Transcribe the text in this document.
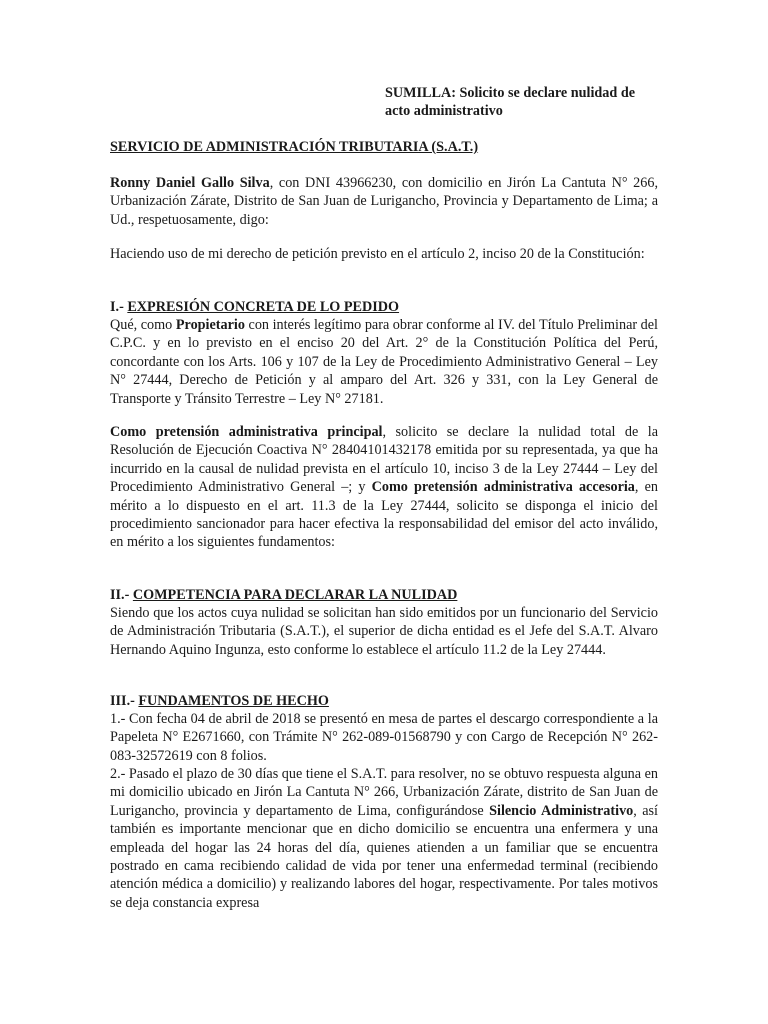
SUMILLA: Solicito se declare nulidad de acto administrativo

SERVICIO DE ADMINISTRACIÓN TRIBUTARIA (S.A.T.)

Ronny Daniel Gallo Silva, con DNI 43966230, con domicilio en Jirón La Cantuta N° 266, Urbanización Zárate, Distrito de San Juan de Lurigancho, Provincia y Departamento de Lima; a Ud., respetuosamente, digo:

Haciendo uso de mi derecho de petición previsto en el artículo 2, inciso 20 de la Constitución:

I.- EXPRESIÓN CONCRETA DE LO PEDIDO

Qué, como Propietario con interés legítimo para obrar conforme al IV. del Título Preliminar del C.P.C. y en lo previsto en el enciso 20 del Art. 2° de la Constitución Política del Perú, concordante con los Arts. 106 y 107 de la Ley de Procedimiento Administrativo General – Ley N° 27444, Derecho de Petición y al amparo del Art. 326 y 331, con la Ley General de Transporte y Tránsito Terrestre – Ley N° 27181.

Como pretensión administrativa principal, solicito se declare la nulidad total de la Resolución de Ejecución Coactiva N° 28404101432178 emitida por su representada, ya que ha incurrido en la causal de nulidad prevista en el artículo 10, inciso 3 de la Ley 27444 – Ley del Procedimiento Administrativo General –; y Como pretensión administrativa accesoria, en mérito a lo dispuesto en el art. 11.3 de la Ley 27444, solicito se disponga el inicio del procedimiento sancionador para hacer efectiva la responsabilidad del emisor del acto inválido, en mérito a los siguientes fundamentos:

II.- COMPETENCIA PARA DECLARAR LA NULIDAD

Siendo que los actos cuya nulidad se solicitan han sido emitidos por un funcionario del Servicio de Administración Tributaria (S.A.T.), el superior de dicha entidad es el Jefe del S.A.T. Alvaro Hernando Aquino Ingunza, esto conforme lo establece el artículo 11.2 de la Ley 27444.

III.- FUNDAMENTOS DE HECHO

1.- Con fecha 04 de abril de 2018 se presentó en mesa de partes el descargo correspondiente a la Papeleta N° E2671660, con Trámite N° 262-089-01568790 y con Cargo de Recepción N° 262-083-32572619 con 8 folios.

2.- Pasado el plazo de 30 días que tiene el S.A.T. para resolver, no se obtuvo respuesta alguna en mi domicilio ubicado en Jirón La Cantuta N° 266, Urbanización Zárate, distrito de San Juan de Lurigancho, provincia y departamento de Lima, configurándose Silencio Administrativo, así también es importante mencionar que en dicho domicilio se encuentra una enfermera y una empleada del hogar las 24 horas del día, quienes atienden a un familiar que se encuentra postrado en cama recibiendo calidad de vida por tener una enfermedad terminal (recibiendo atención médica a domicilio) y realizando labores del hogar, respectivamente. Por tales motivos se deja constancia expresa
